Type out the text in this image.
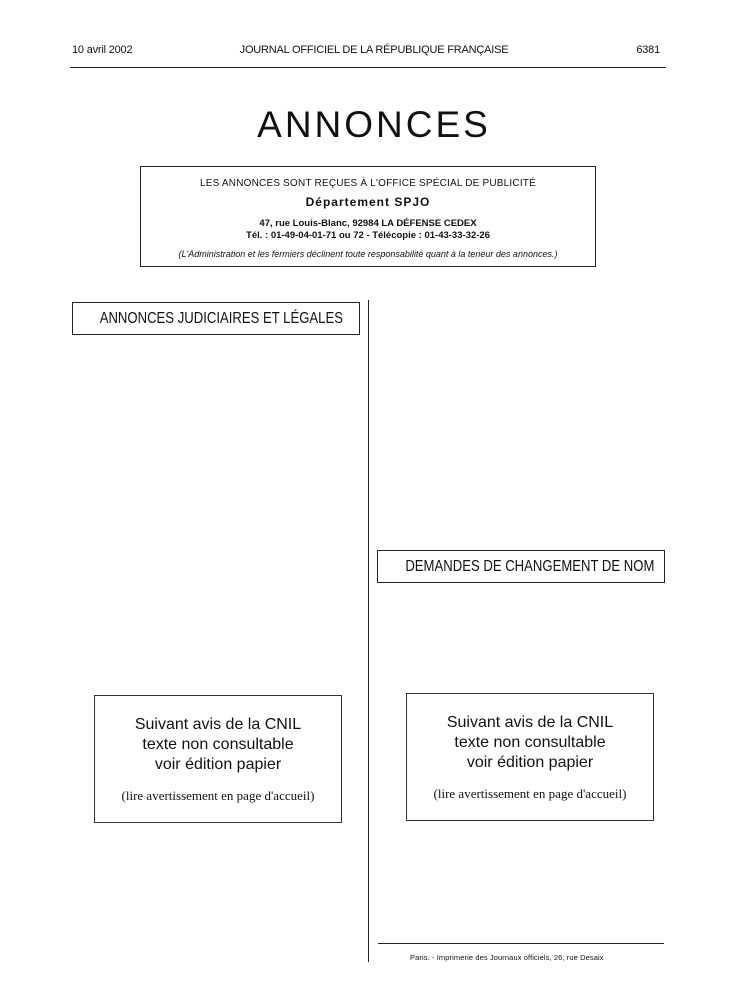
10 avril 2002	JOURNAL OFFICIEL DE LA RÉPUBLIQUE FRANÇAISE	6381
ANNONCES
LES ANNONCES SONT REÇUES À L'OFFICE SPÉCIAL DE PUBLICITÉ
Département SPJO
47, rue Louis-Blanc, 92984 LA DÉFENSE CEDEX
Tél. : 01-49-04-01-71 ou 72 - Télécopie : 01-43-33-32-26
(L'Administration et les fermiers déclinent toute responsabilité quant à la teneur des annonces.)
ANNONCES JUDICIAIRES ET LÉGALES
DEMANDES DE CHANGEMENT DE NOM
Suivant avis de la CNIL
texte non consultable
voir édition papier
(lire avertissement en page d'accueil)
Suivant avis de la CNIL
texte non consultable
voir édition papier
(lire avertissement en page d'accueil)
Paris. - Imprimerie des Journaux officiels, 26, rue Desaix
